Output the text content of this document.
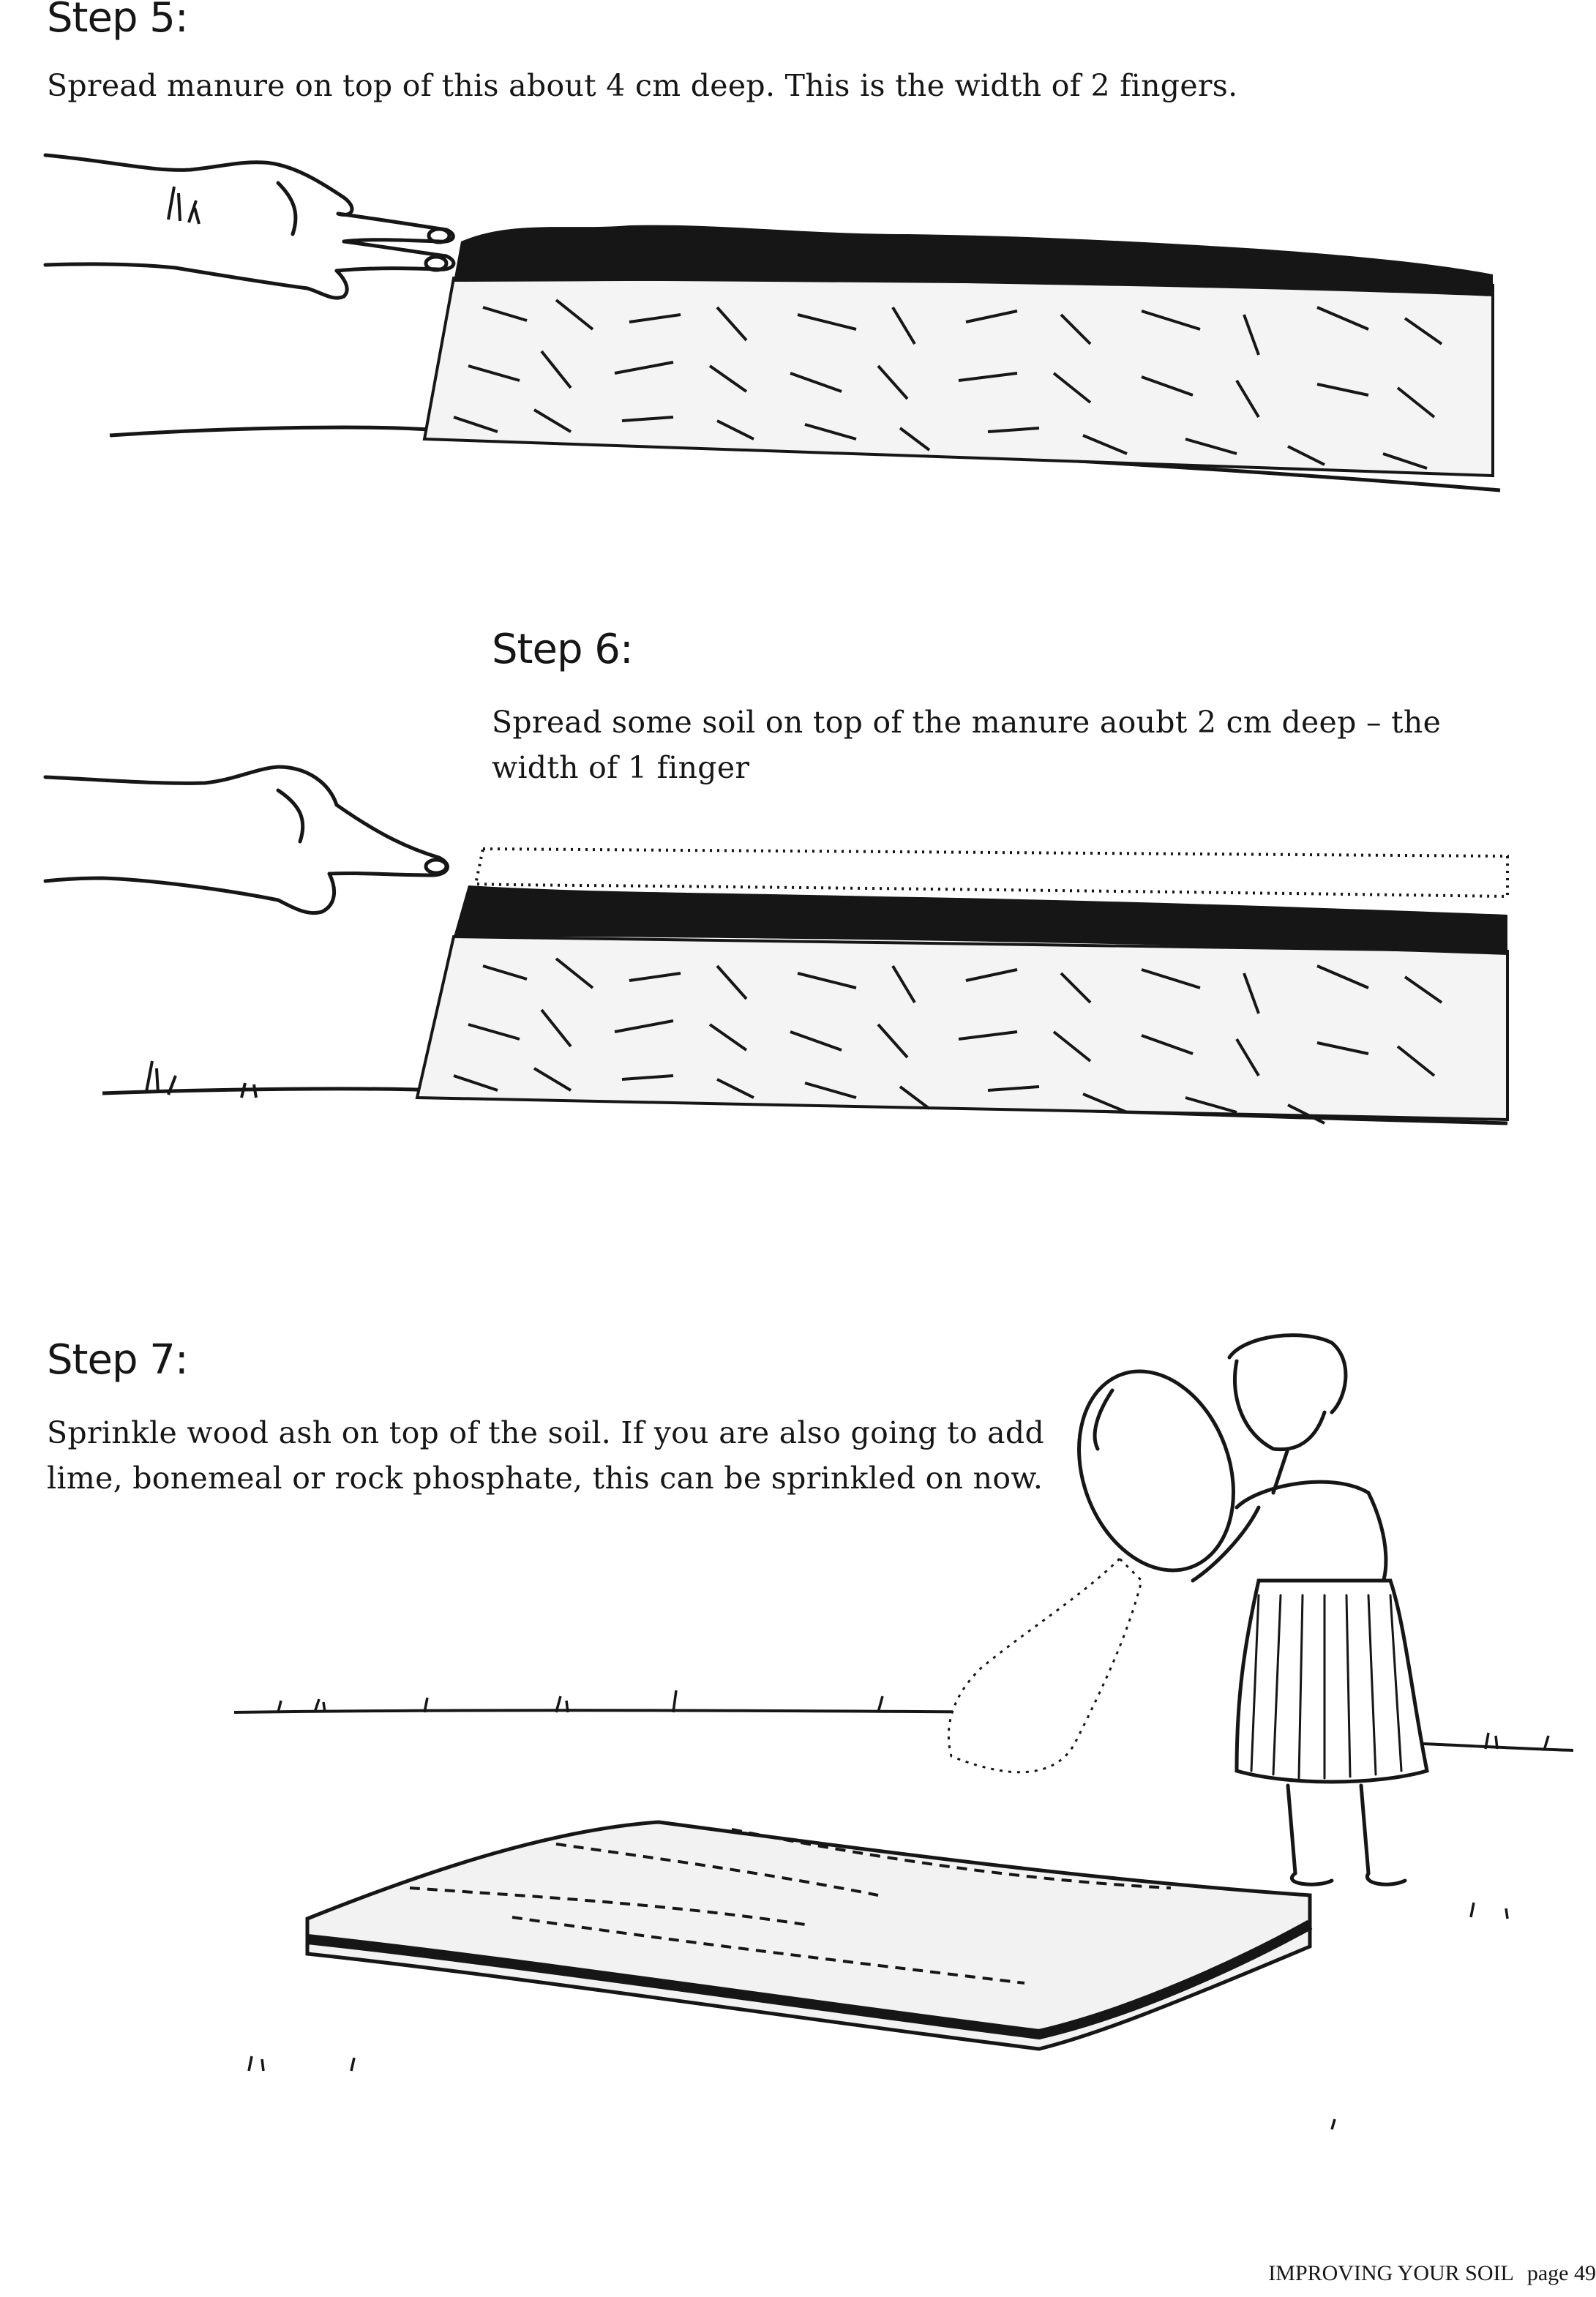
Step 5:

Spread manure on top of this about 4 cm deep. This is the width of 2 fingers.

Step 6:

Spread some soil on top of the manure aoubt 2 cm deep – the width of 1 finger

Step 7:

Sprinkle wood ash on top of the soil. If you are also going to add lime, bonemeal or rock phosphate, this can be sprinkled on now.

IMPROVING YOUR SOIL page 49
